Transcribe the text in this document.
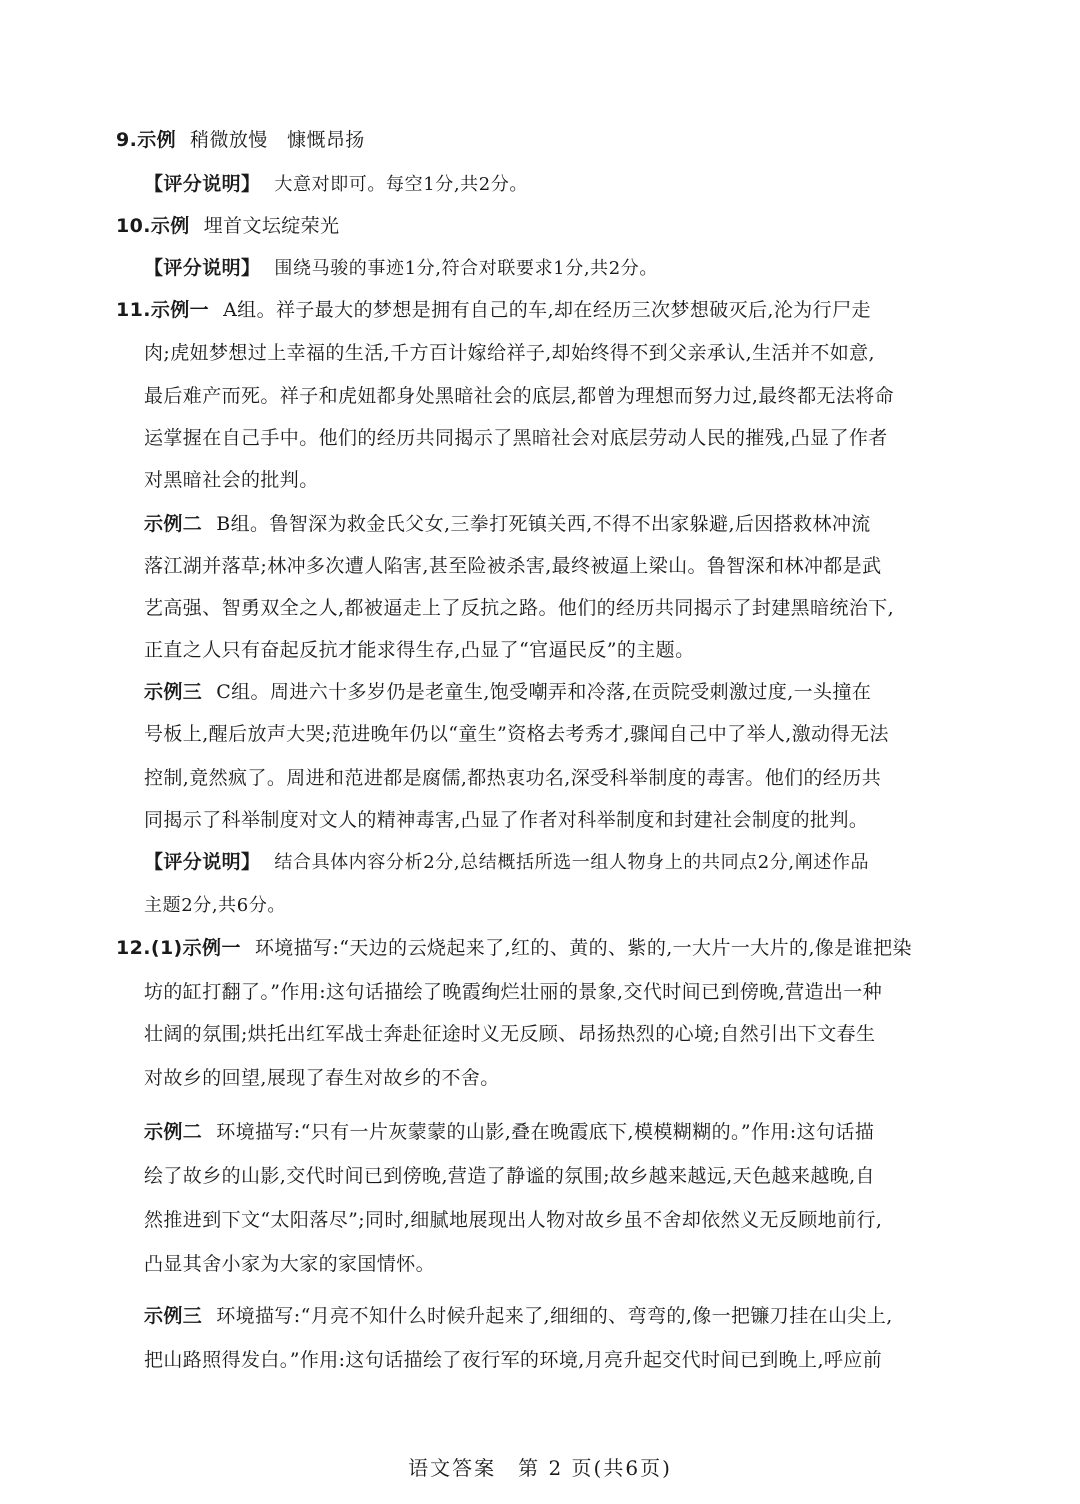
9.示例 稍微放慢　慷慨昂扬
【评分说明】 大意对即可。每空1分,共2分。
10.示例 埋首文坛绽荣光
【评分说明】 围绕马骏的事迹1分,符合对联要求1分,共2分。
11.示例一 A组。祥子最大的梦想是拥有自己的车,却在经历三次梦想破灭后,沦为行尸走
肉;虎妞梦想过上幸福的生活,千方百计嫁给祥子,却始终得不到父亲承认,生活并不如意,
最后难产而死。祥子和虎妞都身处黑暗社会的底层,都曾为理想而努力过,最终都无法将命
运掌握在自己手中。他们的经历共同揭示了黑暗社会对底层劳动人民的摧残,凸显了作者
对黑暗社会的批判。
示例二 B组。鲁智深为救金氏父女,三拳打死镇关西,不得不出家躲避,后因搭救林冲流
落江湖并落草;林冲多次遭人陷害,甚至险被杀害,最终被逼上梁山。鲁智深和林冲都是武
艺高强、智勇双全之人,都被逼走上了反抗之路。他们的经历共同揭示了封建黑暗统治下,
正直之人只有奋起反抗才能求得生存,凸显了“官逼民反”的主题。
示例三 C组。周进六十多岁仍是老童生,饱受嘲弄和冷落,在贡院受刺激过度,一头撞在
号板上,醒后放声大哭;范进晚年仍以“童生”资格去考秀才,骤闻自己中了举人,激动得无法
控制,竟然疯了。周进和范进都是腐儒,都热衷功名,深受科举制度的毒害。他们的经历共
同揭示了科举制度对文人的精神毒害,凸显了作者对科举制度和封建社会制度的批判。
【评分说明】 结合具体内容分析2分,总结概括所选一组人物身上的共同点2分,阐述作品
主题2分,共6分。
12.(1)示例一 环境描写:“天边的云烧起来了,红的、黄的、紫的,一大片一大片的,像是谁把染
坊的缸打翻了。”作用:这句话描绘了晚霞绚烂壮丽的景象,交代时间已到傍晚,营造出一种
壮阔的氛围;烘托出红军战士奔赴征途时义无反顾、昂扬热烈的心境;自然引出下文春生
对故乡的回望,展现了春生对故乡的不舍。
示例二 环境描写:“只有一片灰蒙蒙的山影,叠在晚霞底下,模模糊糊的。”作用:这句话描
绘了故乡的山影,交代时间已到傍晚,营造了静谧的氛围;故乡越来越远,天色越来越晚,自
然推进到下文“太阳落尽”;同时,细腻地展现出人物对故乡虽不舍却依然义无反顾地前行,
凸显其舍小家为大家的家国情怀。
示例三 环境描写:“月亮不知什么时候升起来了,细细的、弯弯的,像一把镰刀挂在山尖上,
把山路照得发白。”作用:这句话描绘了夜行军的环境,月亮升起交代时间已到晚上,呼应前
语文答案　第 2 页(共6页)
